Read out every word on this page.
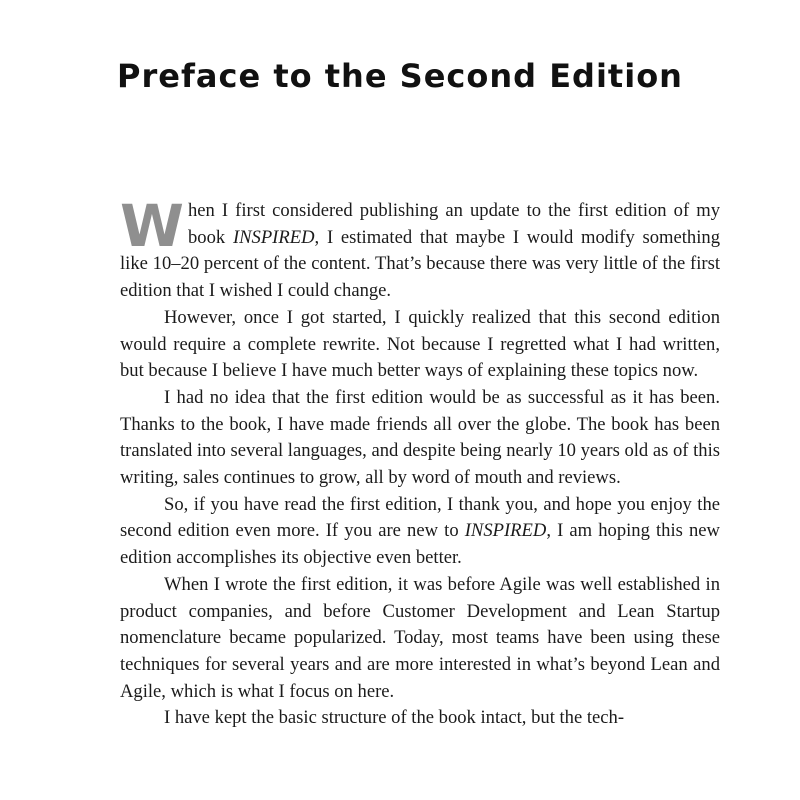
Preface to the Second Edition

When I first considered publishing an update to the first edition of my book INSPIRED, I estimated that maybe I would modify something like 10–20 percent of the content. That’s because there was very little of the first edition that I wished I could change.

However, once I got started, I quickly realized that this second edition would require a complete rewrite. Not because I regretted what I had written, but because I believe I have much better ways of explaining these topics now.

I had no idea that the first edition would be as successful as it has been. Thanks to the book, I have made friends all over the globe. The book has been translated into several languages, and despite being nearly 10 years old as of this writing, sales continues to grow, all by word of mouth and reviews.

So, if you have read the first edition, I thank you, and hope you enjoy the second edition even more. If you are new to INSPIRED, I am hoping this new edition accomplishes its objective even better.

When I wrote the first edition, it was before Agile was well established in product companies, and before Customer Development and Lean Startup nomenclature became popularized. Today, most teams have been using these techniques for several years and are more interested in what’s beyond Lean and Agile, which is what I focus on here.

I have kept the basic structure of the book intact, but the tech-
